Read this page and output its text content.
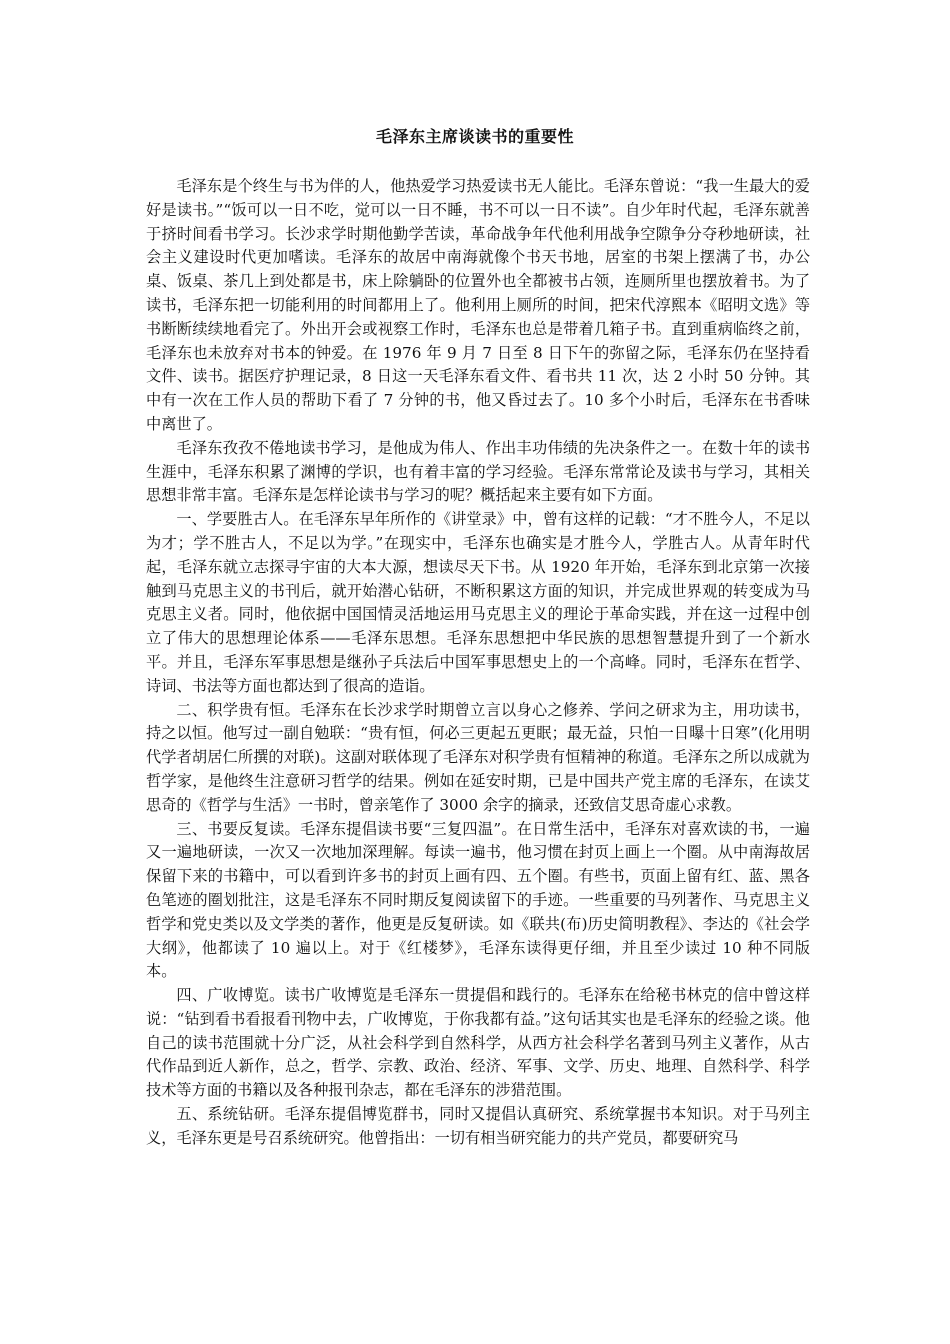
毛泽东主席谈读书的重要性

毛泽东是个终生与书为伴的人，他热爱学习热爱读书无人能比。毛泽东曾说：“我一生最大的爱好是读书。”“饭可以一日不吃，觉可以一日不睡，书不可以一日不读”。自少年时代起，毛泽东就善于挤时间看书学习。长沙求学时期他勤学苦读，革命战争年代他利用战争空隙争分夺秒地研读，社会主义建设时代更加嗜读。毛泽东的故居中南海就像个书天书地，居室的书架上摆满了书，办公桌、饭桌、茶几上到处都是书，床上除躺卧的位置外也全都被书占领，连厕所里也摆放着书。为了读书，毛泽东把一切能利用的时间都用上了。他利用上厕所的时间，把宋代淳熙本《昭明文选》等书断断续续地看完了。外出开会或视察工作时，毛泽东也总是带着几箱子书。直到重病临终之前，毛泽东也未放弃对书本的钟爱。在 1976 年 9 月 7 日至 8 日下午的弥留之际，毛泽东仍在坚持看文件、读书。据医疗护理记录，8 日这一天毛泽东看文件、看书共 11 次，达 2 小时 50 分钟。其中有一次在工作人员的帮助下看了 7 分钟的书，他又昏过去了。10 多个小时后，毛泽东在书香味中离世了。

毛泽东孜孜不倦地读书学习，是他成为伟人、作出丰功伟绩的先决条件之一。在数十年的读书生涯中，毛泽东积累了渊博的学识，也有着丰富的学习经验。毛泽东常常论及读书与学习，其相关思想非常丰富。毛泽东是怎样论读书与学习的呢？概括起来主要有如下方面。

一、学要胜古人。在毛泽东早年所作的《讲堂录》中，曾有这样的记载：“才不胜今人，不足以为才；学不胜古人，不足以为学。”在现实中，毛泽东也确实是才胜今人，学胜古人。从青年时代起，毛泽东就立志探寻宇宙的大本大源，想读尽天下书。从 1920 年开始，毛泽东到北京第一次接触到马克思主义的书刊后，就开始潜心钻研，不断积累这方面的知识，并完成世界观的转变成为马克思主义者。同时，他依据中国国情灵活地运用马克思主义的理论于革命实践，并在这一过程中创立了伟大的思想理论体系——毛泽东思想。毛泽东思想把中华民族的思想智慧提升到了一个新水平。并且，毛泽东军事思想是继孙子兵法后中国军事思想史上的一个高峰。同时，毛泽东在哲学、诗词、书法等方面也都达到了很高的造诣。

二、积学贵有恒。毛泽东在长沙求学时期曾立言以身心之修养、学问之研求为主，用功读书，持之以恒。他写过一副自勉联：“贵有恒，何必三更起五更眠；最无益，只怕一日曝十日寒”(化用明代学者胡居仁所撰的对联)。这副对联体现了毛泽东对积学贵有恒精神的称道。毛泽东之所以成就为哲学家，是他终生注意研习哲学的结果。例如在延安时期，已是中国共产党主席的毛泽东，在读艾思奇的《哲学与生活》一书时，曾亲笔作了 3000 余字的摘录，还致信艾思奇虚心求教。

三、书要反复读。毛泽东提倡读书要“三复四温”。在日常生活中，毛泽东对喜欢读的书，一遍又一遍地研读，一次又一次地加深理解。每读一遍书，他习惯在封页上画上一个圈。从中南海故居保留下来的书籍中，可以看到许多书的封页上画有四、五个圈。有些书，页面上留有红、蓝、黑各色笔迹的圈划批注，这是毛泽东不同时期反复阅读留下的手迹。一些重要的马列著作、马克思主义哲学和党史类以及文学类的著作，他更是反复研读。如《联共(布)历史简明教程》、李达的《社会学大纲》，他都读了 10 遍以上。对于《红楼梦》，毛泽东读得更仔细，并且至少读过 10 种不同版本。

四、广收博览。读书广收博览是毛泽东一贯提倡和践行的。毛泽东在给秘书林克的信中曾这样说：“钻到看书看报看刊物中去，广收博览，于你我都有益。”这句话其实也是毛泽东的经验之谈。他自己的读书范围就十分广泛，从社会科学到自然科学，从西方社会科学名著到马列主义著作，从古代作品到近人新作，总之，哲学、宗教、政治、经济、军事、文学、历史、地理、自然科学、科学技术等方面的书籍以及各种报刊杂志，都在毛泽东的涉猎范围。

五、系统钻研。毛泽东提倡博览群书，同时又提倡认真研究、系统掌握书本知识。对于马列主义，毛泽东更是号召系统研究。他曾指出：一切有相当研究能力的共产党员，都要研究马
